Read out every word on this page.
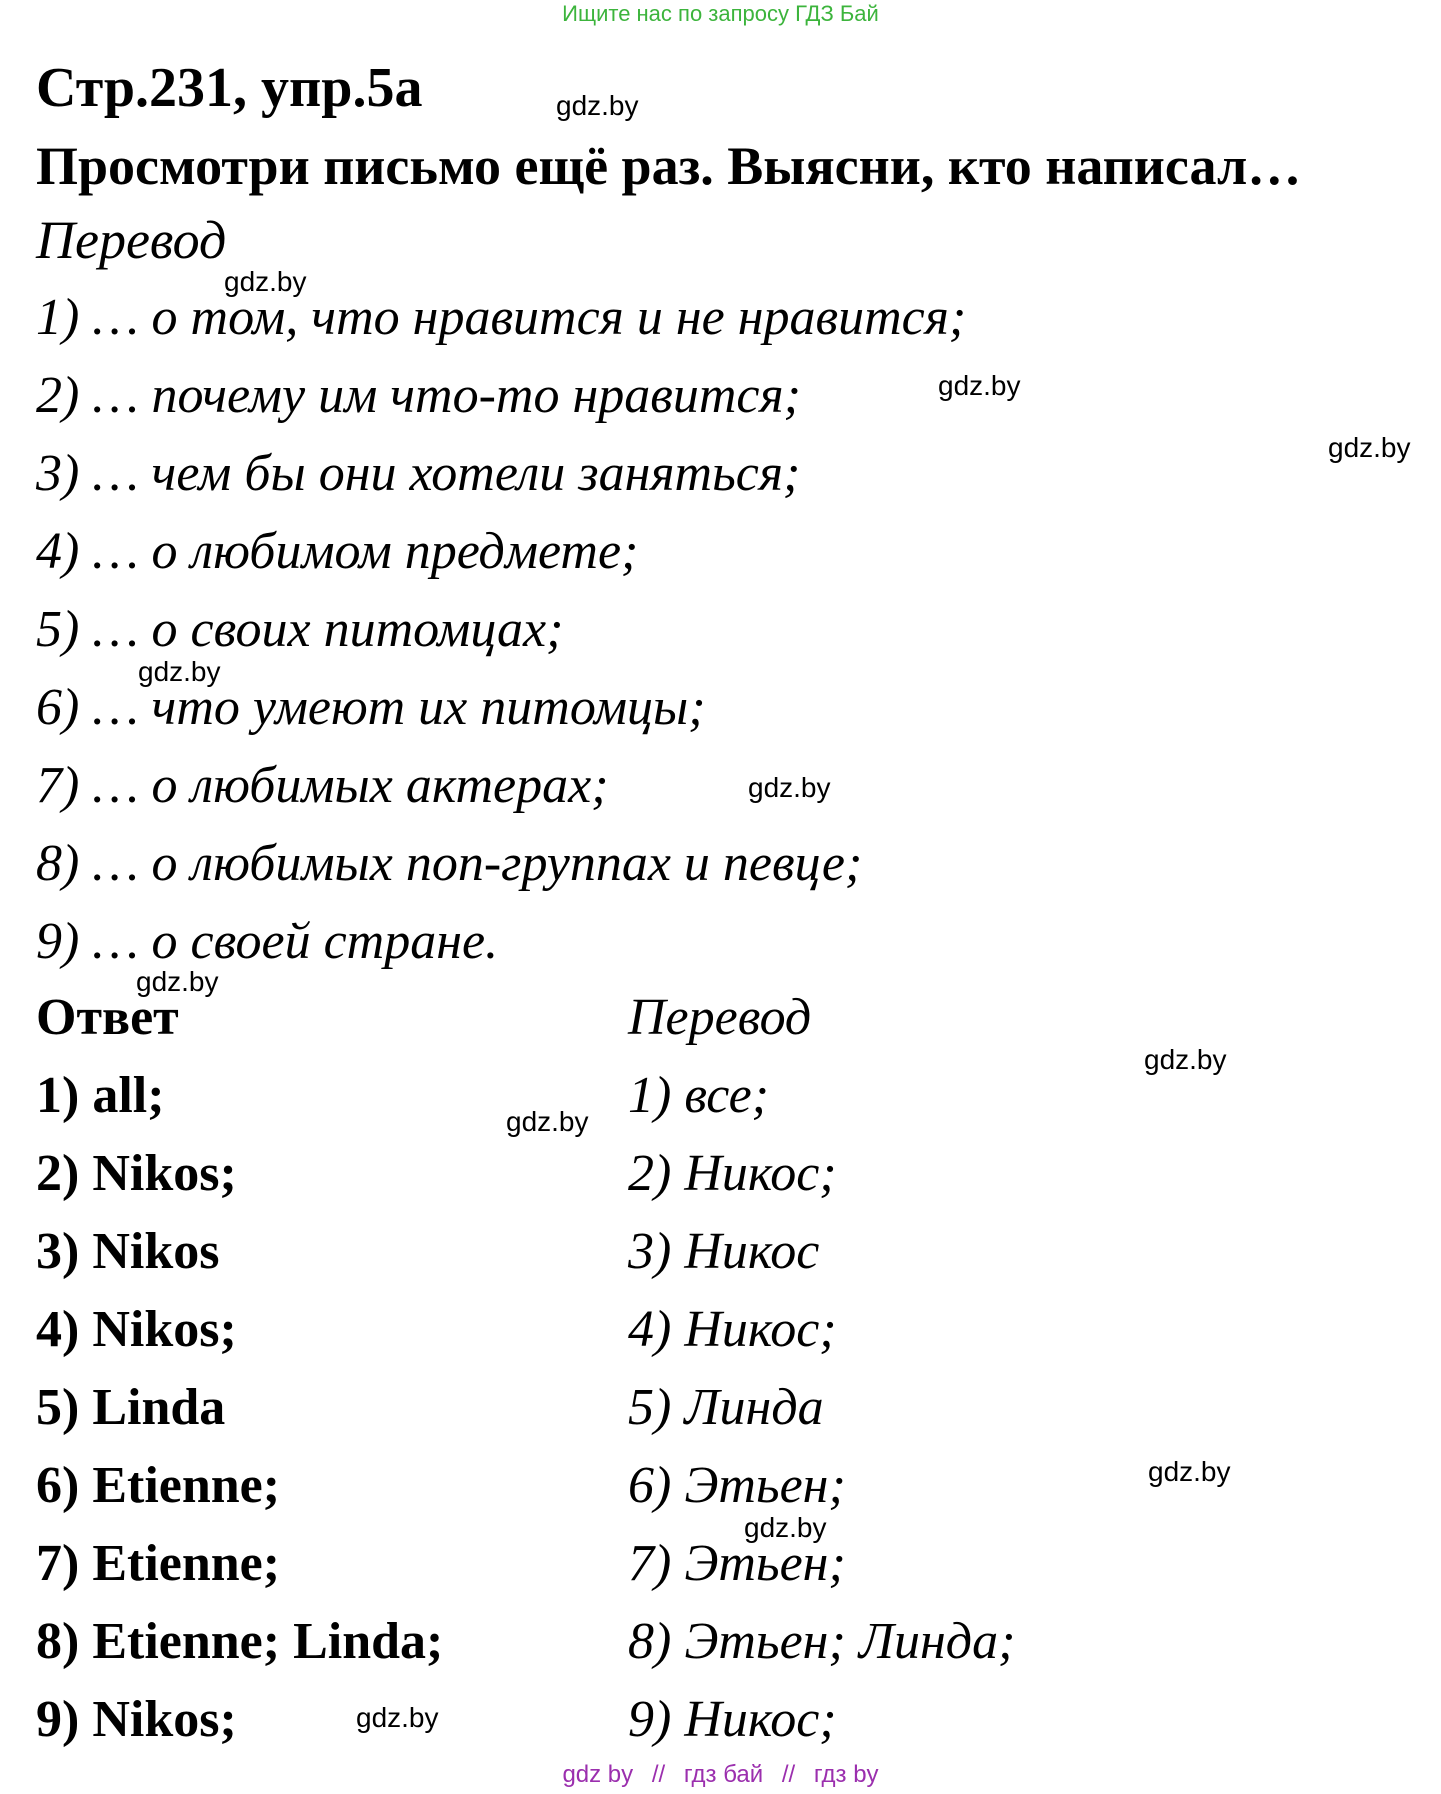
Ищите нас по запросу ГДЗ Бай
Стр.231, упр.5а
Просмотри письмо ещё раз. Выясни, кто написал…
Перевод
1) … о том, что нравится и не нравится;
2) … почему им что-то нравится;
3) … чем бы они хотели заняться;
4) … о любимом предмете;
5) … о своих питомцах;
6) … что умеют их питомцы;
7) … о любимых актерах;
8) … о любимых поп-группах и певце;
9) … о своей стране.
Ответ	Перевод
1) all;
2) Nikos;
3) Nikos
4) Nikos;
5) Linda
6) Etienne;
7) Etienne;
8) Etienne; Linda;
9) Nikos;
1) все;
2) Никос;
3) Никос
4) Никос;
5) Линда
6) Этьен;
7) Этьен;
8) Этьен; Линда;
9) Никос;
gdz.by
gdz.by
gdz.by
gdz.by
gdz.by
gdz.by
gdz.by
gdz.by
gdz.by
gdz.by
gdz.by
gdz.by
gdz by // гдз бай // гдз by
